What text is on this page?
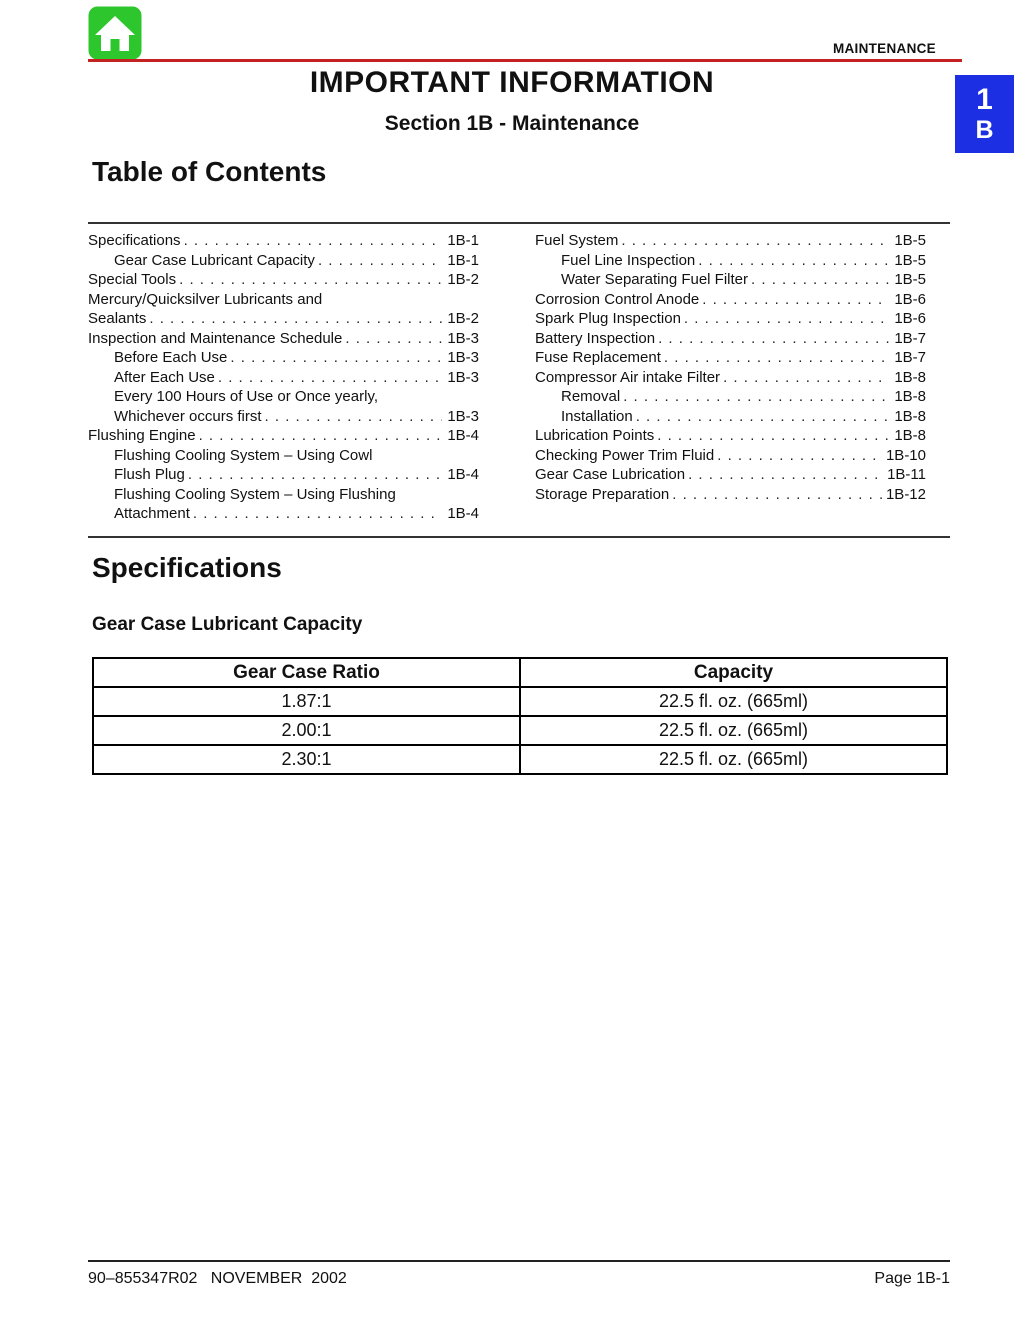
MAINTENANCE
IMPORTANT INFORMATION
Section 1B - Maintenance
1
B
Table of Contents
Specifications . . .	1B-1
Gear Case Lubricant Capacity . . .	1B-1
Special Tools . . .	1B-2
Mercury/Quicksilver Lubricants and
Sealants . . .	1B-2
Inspection and Maintenance Schedule . . .	1B-3
Before Each Use . . .	1B-3
After Each Use . . .	1B-3
Every 100 Hours of Use or Once yearly,
Whichever occurs first . . .	1B-3
Flushing Engine . . .	1B-4
Flushing Cooling System – Using Cowl
Flush Plug . . .	1B-4
Flushing Cooling System – Using Flushing
Attachment . . .	1B-4
Fuel System . . .	1B-5
Fuel Line Inspection . . .	1B-5
Water Separating Fuel Filter . . .	1B-5
Corrosion Control Anode . . .	1B-6
Spark Plug Inspection . . .	1B-6
Battery Inspection . . .	1B-7
Fuse Replacement . . .	1B-7
Compressor Air intake Filter . . .	1B-8
Removal . . .	1B-8
Installation . . .	1B-8
Lubrication Points . . .	1B-8
Checking Power Trim Fluid . . .	1B-10
Gear Case Lubrication . . .	1B-11
Storage Preparation . . .	1B-12
Specifications
Gear Case Lubricant Capacity
Gear Case Ratio	Capacity
1.87:1	22.5 fl. oz. (665ml)
2.00:1	22.5 fl. oz. (665ml)
2.30:1	22.5 fl. oz. (665ml)
90–855347R02   NOVEMBER  2002	Page 1B-1
